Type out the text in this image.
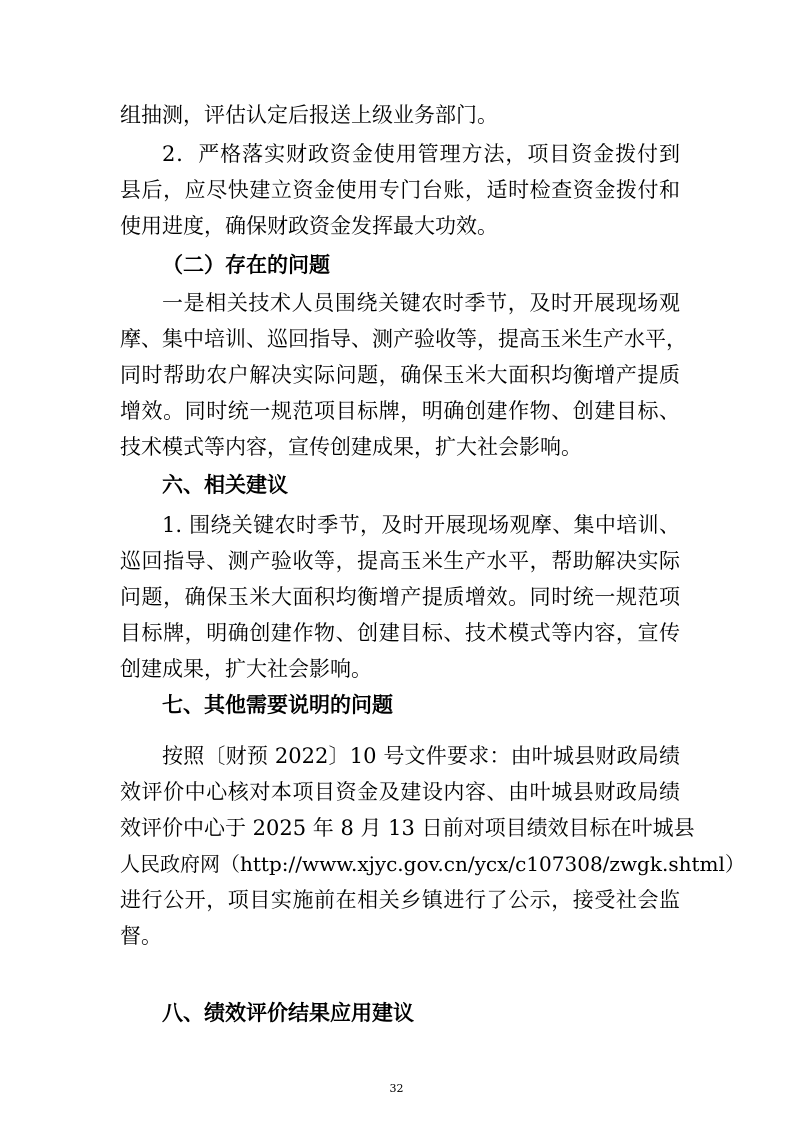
组抽测，评估认定后报送上级业务部门。
2．严格落实财政资金使用管理方法，项目资金拨付到
县后，应尽快建立资金使用专门台账，适时检查资金拨付和
使用进度，确保财政资金发挥最大功效。
（二）存在的问题
一是相关技术人员围绕关键农时季节，及时开展现场观
摩、集中培训、巡回指导、测产验收等，提高玉米生产水平，
同时帮助农户解决实际问题，确保玉米大面积均衡增产提质
增效。同时统一规范项目标牌，明确创建作物、创建目标、
技术模式等内容，宣传创建成果，扩大社会影响。
六、相关建议
1. 围绕关键农时季节，及时开展现场观摩、集中培训、
巡回指导、测产验收等，提高玉米生产水平，帮助解决实际
问题，确保玉米大面积均衡增产提质增效。同时统一规范项
目标牌，明确创建作物、创建目标、技术模式等内容，宣传
创建成果，扩大社会影响。
七、其他需要说明的问题
按照〔财预 2022〕10 号文件要求：由叶城县财政局绩
效评价中心核对本项目资金及建设内容、由叶城县财政局绩
效评价中心于 2025 年 8 月 13 日前对项目绩效目标在叶城县
人民政府网（http://www.xjyc.gov.cn/ycx/c107308/zwgk.shtml）
进行公开，项目实施前在相关乡镇进行了公示，接受社会监
督。
八、绩效评价结果应用建议
32
